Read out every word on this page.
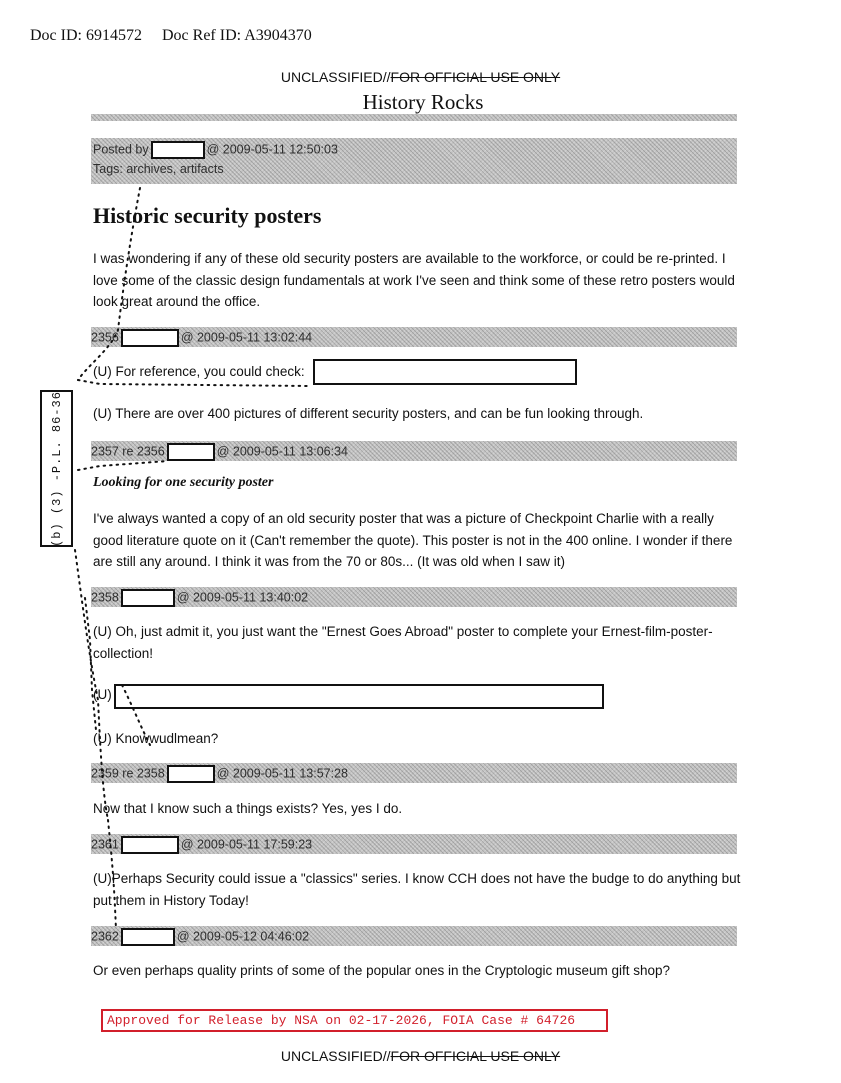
Doc ID: 6914572 Doc Ref ID: A3904370
UNCLASSIFIED//FOR OFFICIAL USE ONLY
History Rocks
Posted by	@ 2009-05-11 12:50:03
Tags: archives, artifacts
Historic security posters
I was wondering if any of these old security posters are available to the workforce, or could be re-printed. I love some of the classic design fundamentals at work I've seen and think some of these retro posters would look great around the office.
2356	@ 2009-05-11 13:02:44
(U) For reference, you could check:
(U) There are over 400 pictures of different security posters, and can be fun looking through.
2357 re 2356	@ 2009-05-11 13:06:34
Looking for one security poster
I've always wanted a copy of an old security poster that was a picture of Checkpoint Charlie with a really good literature quote on it (Can't remember the quote). This poster is not in the 400 online. I wonder if there are still any around. I think it was from the 70 or 80s... (It was old when I saw it)
2358	@ 2009-05-11 13:40:02
(U) Oh, just admit it, you just want the "Ernest Goes Abroad" poster to complete your Ernest-film-poster-collection!
(U)
(U) Knowwudlmean?
2359 re 2358	@ 2009-05-11 13:57:28
Now that I know such a things exists? Yes, yes I do.
2361	@ 2009-05-11 17:59:23
(U)Perhaps Security could issue a "classics" series. I know CCH does not have the budge to do anything but put them in History Today!
2362	@ 2009-05-12 04:46:02
Or even perhaps quality prints of some of the popular ones in the Cryptologic museum gift shop?
(b) (3) -P.L. 86-36
Approved for Release by NSA on 02-17-2026, FOIA Case # 64726
UNCLASSIFIED//FOR OFFICIAL USE ONLY
